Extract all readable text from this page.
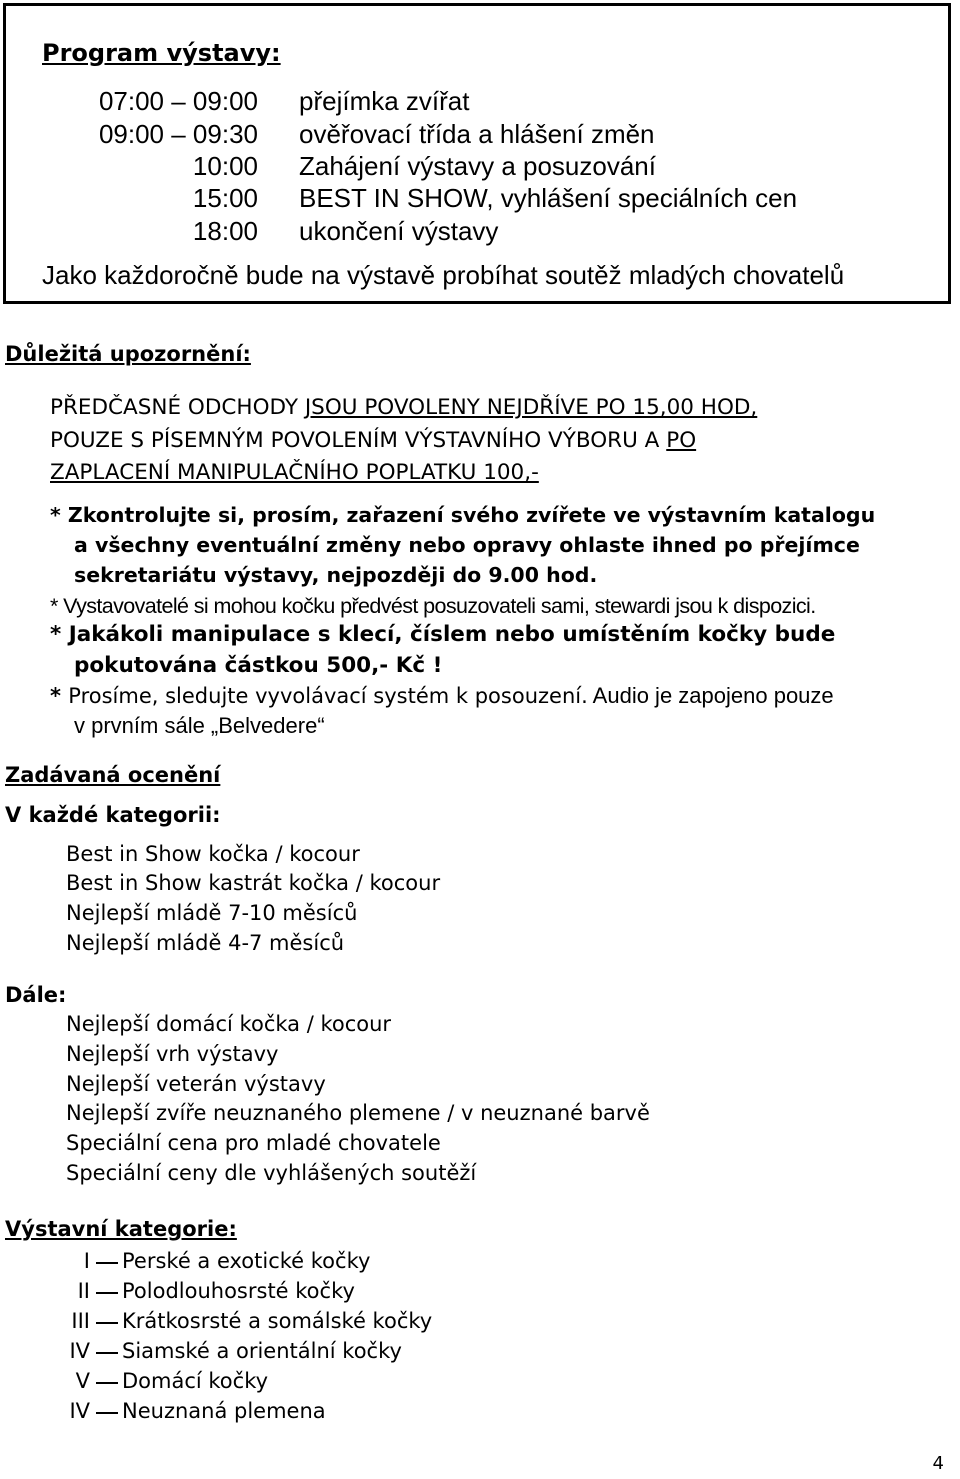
Program výstavy:
07:00 – 09:00 přejímka zvířat
09:00 – 09:30 ověřovací třída a hlášení změn
10:00 Zahájení výstavy a posuzování
15:00 BEST IN SHOW, vyhlášení speciálních cen
18:00 ukončení výstavy
Jako každoročně bude na výstavě probíhat soutěž mladých chovatelů
Důležitá upozornění:
PŘEDČASNÉ ODCHODY JSOU POVOLENY NEJDŘÍVE PO 15,00 HOD,
POUZE S PÍSEMNÝM POVOLENÍM VÝSTAVNÍHO VÝBORU A PO
ZAPLACENÍ MANIPULAČNÍHO POPLATKU 100,-
* Zkontrolujte si, prosím, zařazení svého zvířete ve výstavním katalogu
a všechny eventuální změny nebo opravy ohlaste ihned po přejímce
sekretariátu výstavy, nejpozději do 9.00 hod.
* Vystavovatelé si mohou kočku předvést posuzovateli sami, stewardi jsou k dispozici.
* Jakákoli manipulace s klecí, číslem nebo umístěním kočky bude
pokutována částkou 500,- Kč !
* Prosíme, sledujte vyvolávací systém k posouzení. Audio je zapojeno pouze
v prvním sále „Belvedere“
Zadávaná ocenění
V každé kategorii:
Best in Show kočka / kocour
Best in Show kastrát kočka / kocour
Nejlepší mládě 7-10 měsíců
Nejlepší mládě 4-7 měsíců
Dále:
Nejlepší domácí kočka / kocour
Nejlepší vrh výstavy
Nejlepší veterán výstavy
Nejlepší zvíře neuznaného plemene / v neuznané barvě
Speciální cena pro mladé chovatele
Speciální ceny dle vyhlášených soutěží
Výstavní kategorie:
I Perské a exotické kočky
II Polodlouhosrsté kočky
III Krátkosrsté a somálské kočky
IV Siamské a orientální kočky
V Domácí kočky
IV Neuznaná plemena
4
